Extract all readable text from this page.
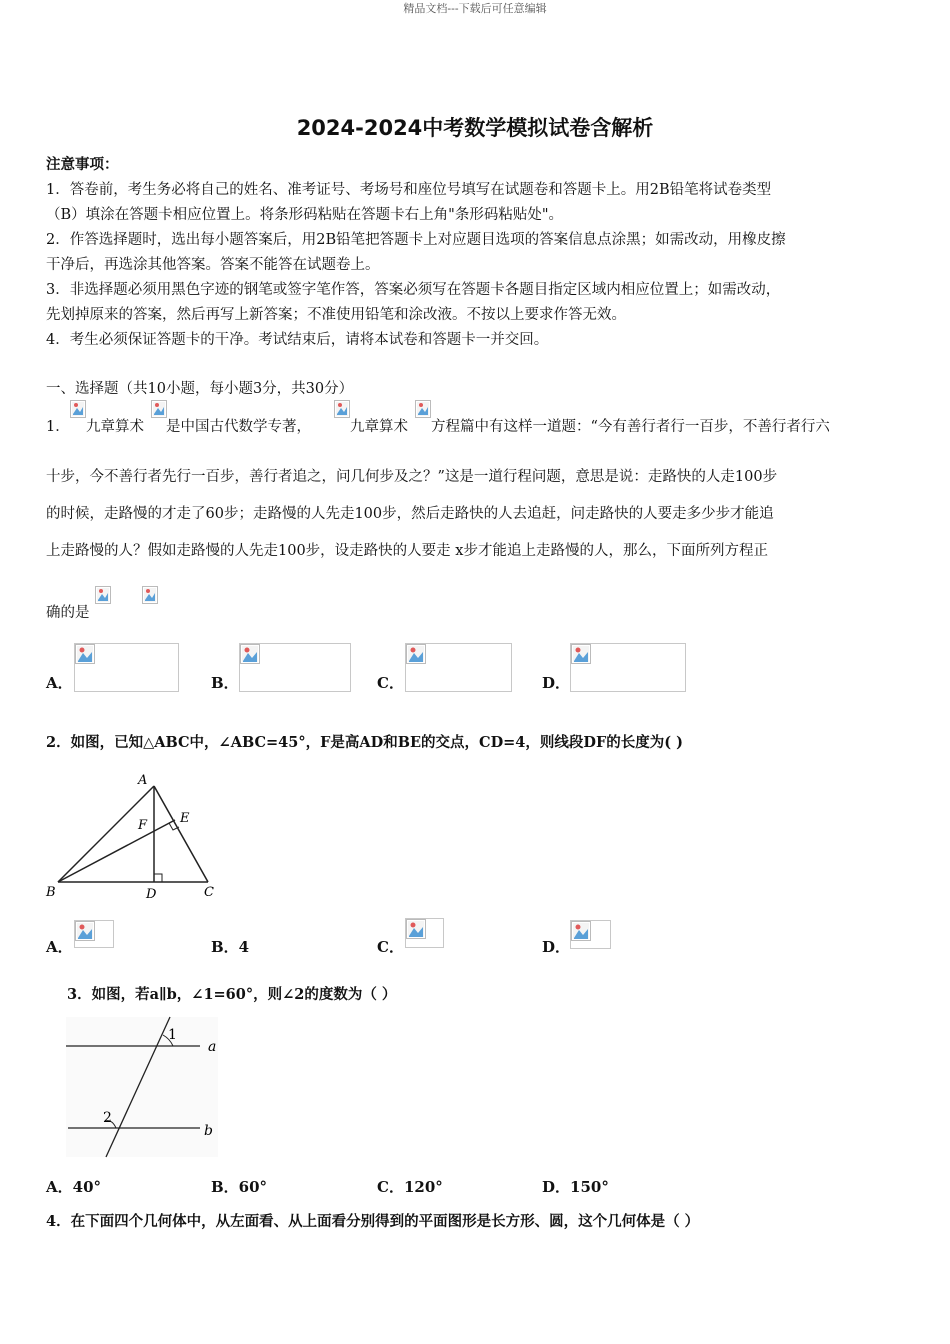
精品文档---下载后可任意编辑
2024-2024中考数学模拟试卷含解析
注意事项：
1．答卷前，考生务必将自己的姓名、准考证号、考场号和座位号填写在试题卷和答题卡上。用2B铅笔将试卷类型
（B）填涂在答题卡相应位置上。将条形码粘贴在答题卡右上角"条形码粘贴处"。
2．作答选择题时，选出每小题答案后，用2B铅笔把答题卡上对应题目选项的答案信息点涂黑；如需改动，用橡皮擦
干净后，再选涂其他答案。答案不能答在试题卷上。
3．非选择题必须用黑色字迹的钢笔或签字笔作答，答案必须写在答题卡各题目指定区域内相应位置上；如需改动，
先划掉原来的答案，然后再写上新答案；不准使用铅笔和涂改液。不按以上要求作答无效。
4．考生必须保证答题卡的干净。考试结束后，请将本试卷和答题卡一并交回。
一、选择题（共10小题，每小题3分，共30分）
1． 九章算术 是中国古代数学专著，	九章算术 方程篇中有这样一道题：“今有善行者行一百步，不善行者行六
十步，今不善行者先行一百步，善行者追之，问几何步及之？”这是一道行程问题，意思是说：走路快的人走100步
的时候，走路慢的才走了60步；走路慢的人先走100步，然后走路快的人去追赶，问走路快的人要走多少步才能追
上走路慢的人？假如走路慢的人先走100步，设走路快的人要走 x步才能追上走路慢的人，那么，下面所列方程正
确的是
A．	B．	C．	D．
2．如图，已知△ABC中，∠ABC=45°，F是高AD和BE的交点，CD=4，则线段DF的长度为( )
A
B	D	C
E
F
A．	B．4	C．	D．
3．如图，若a∥b，∠1=60°，则∠2的度数为（ ）
1
2
a
b
A．40°	B．60°	C．120°	D．150°
4．在下面四个几何体中，从左面看、从上面看分别得到的平面图形是长方形、圆，这个几何体是（ ）
